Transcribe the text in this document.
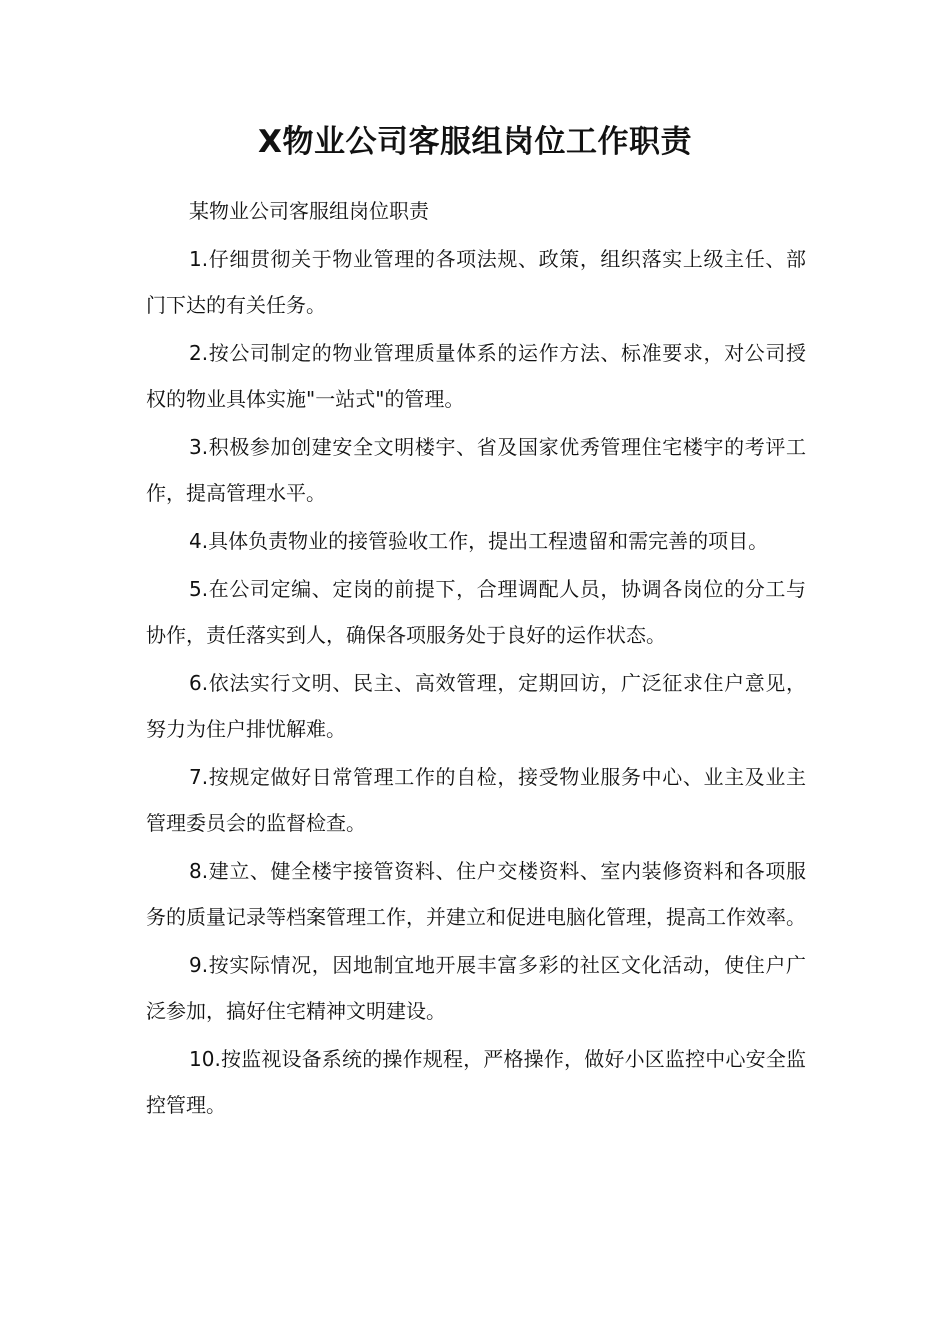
X物业公司客服组岗位工作职责

某物业公司客服组岗位职责

1.仔细贯彻关于物业管理的各项法规、政策，组织落实上级主任、部门下达的有关任务。

2.按公司制定的物业管理质量体系的运作方法、标准要求，对公司授权的物业具体实施"一站式"的管理。

3.积极参加创建安全文明楼宇、省及国家优秀管理住宅楼宇的考评工作，提高管理水平。

4.具体负责物业的接管验收工作，提出工程遗留和需完善的项目。

5.在公司定编、定岗的前提下，合理调配人员，协调各岗位的分工与协作，责任落实到人，确保各项服务处于良好的运作状态。

6.依法实行文明、民主、高效管理，定期回访，广泛征求住户意见，努力为住户排忧解难。

7.按规定做好日常管理工作的自检，接受物业服务中心、业主及业主管理委员会的监督检查。

8.建立、健全楼宇接管资料、住户交楼资料、室内装修资料和各项服务的质量记录等档案管理工作，并建立和促进电脑化管理，提高工作效率。

9.按实际情况，因地制宜地开展丰富多彩的社区文化活动，使住户广泛参加，搞好住宅精神文明建设。

10.按监视设备系统的操作规程，严格操作，做好小区监控中心安全监控管理。
